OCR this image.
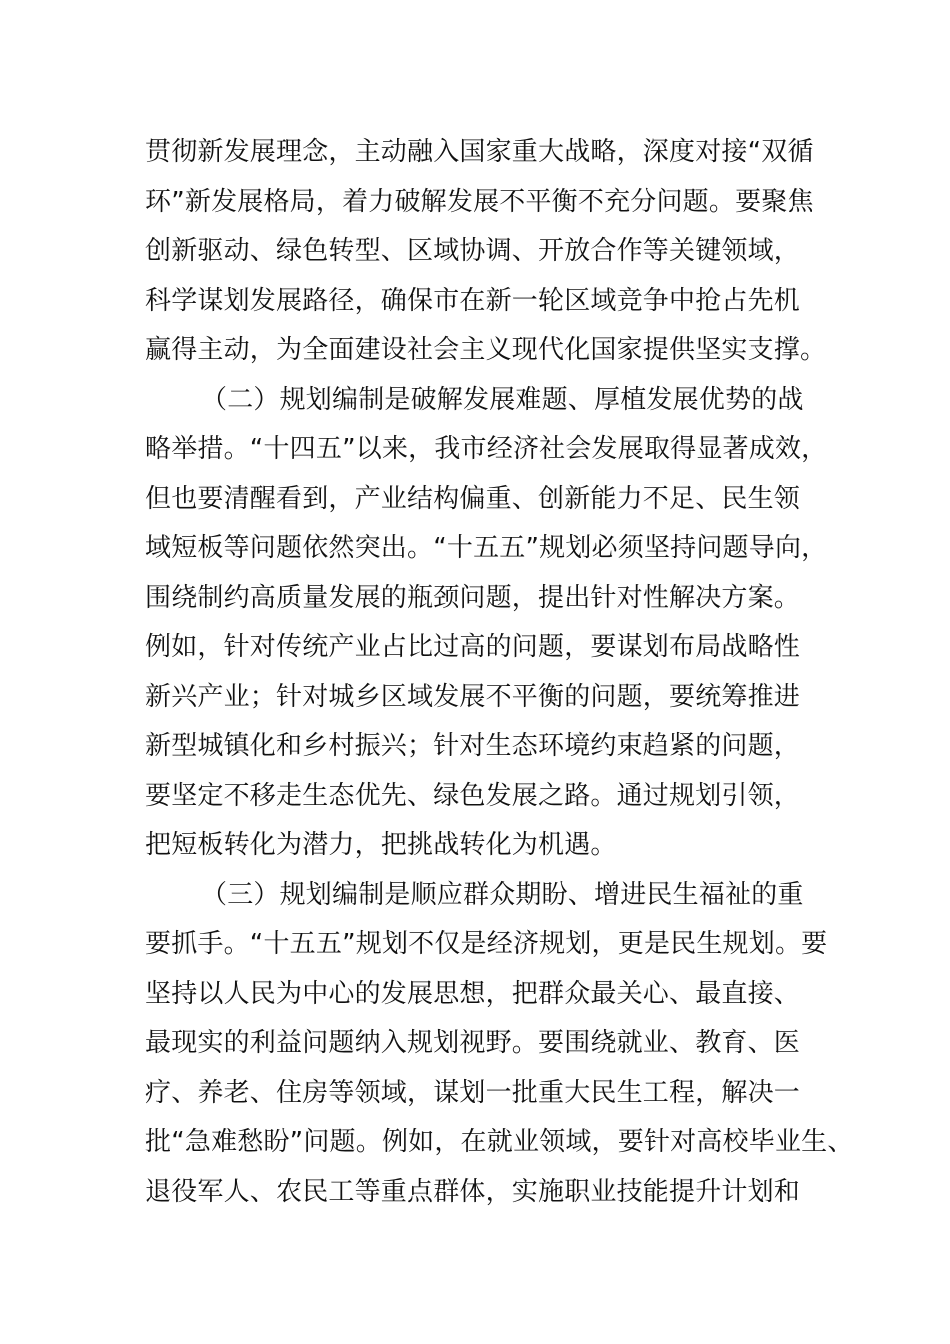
贯彻新发展理念，主动融入国家重大战略，深度对接“双循
环”新发展格局，着力破解发展不平衡不充分问题。要聚焦
创新驱动、绿色转型、区域协调、开放合作等关键领域，
科学谋划发展路径，确保市在新一轮区域竞争中抢占先机
赢得主动，为全面建设社会主义现代化国家提供坚实支撑。
（二）规划编制是破解发展难题、厚植发展优势的战
略举措。“十四五”以来，我市经济社会发展取得显著成效，
但也要清醒看到，产业结构偏重、创新能力不足、民生领
域短板等问题依然突出。“十五五”规划必须坚持问题导向，
围绕制约高质量发展的瓶颈问题，提出针对性解决方案。
例如，针对传统产业占比过高的问题，要谋划布局战略性
新兴产业；针对城乡区域发展不平衡的问题，要统筹推进
新型城镇化和乡村振兴；针对生态环境约束趋紧的问题，
要坚定不移走生态优先、绿色发展之路。通过规划引领，
把短板转化为潜力，把挑战转化为机遇。
（三）规划编制是顺应群众期盼、增进民生福祉的重
要抓手。“十五五”规划不仅是经济规划，更是民生规划。要
坚持以人民为中心的发展思想，把群众最关心、最直接、
最现实的利益问题纳入规划视野。要围绕就业、教育、医
疗、养老、住房等领域，谋划一批重大民生工程，解决一
批“急难愁盼”问题。例如，在就业领域，要针对高校毕业生、
退役军人、农民工等重点群体，实施职业技能提升计划和
